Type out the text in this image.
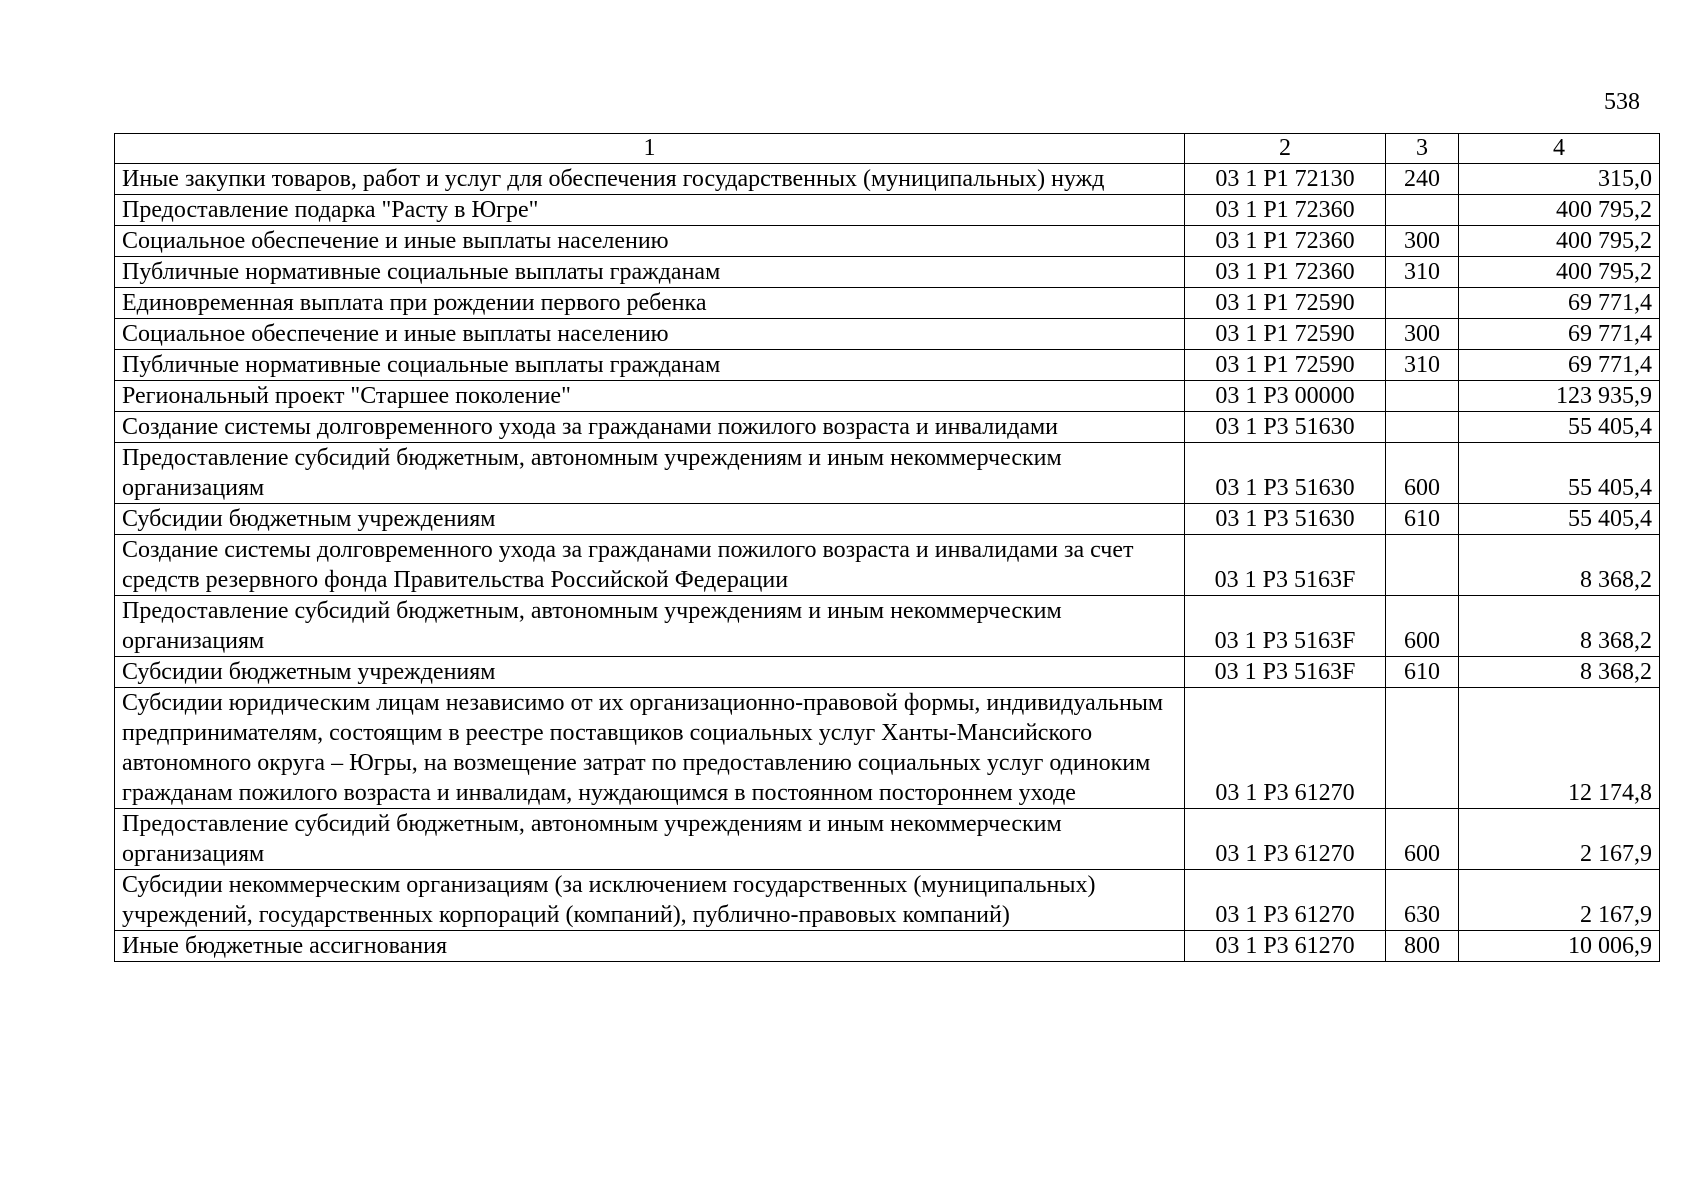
538
1	2	3	4
Иные закупки товаров, работ и услуг для обеспечения государственных (муниципальных) нужд	03 1 P1 72130	240	315,0
Предоставление подарка "Расту в Югре"	03 1 P1 72360		400 795,2
Социальное обеспечение и иные выплаты населению	03 1 P1 72360	300	400 795,2
Публичные нормативные социальные выплаты гражданам	03 1 P1 72360	310	400 795,2
Единовременная выплата при рождении первого ребенка	03 1 P1 72590		69 771,4
Социальное обеспечение и иные выплаты населению	03 1 P1 72590	300	69 771,4
Публичные нормативные социальные выплаты гражданам	03 1 P1 72590	310	69 771,4
Региональный проект "Старшее поколение"	03 1 P3 00000		123 935,9
Создание системы долговременного ухода за гражданами пожилого возраста и инвалидами	03 1 P3 51630		55 405,4
Предоставление субсидий бюджетным, автономным учреждениям и иным некоммерческим организациям	03 1 P3 51630	600	55 405,4
Субсидии бюджетным учреждениям	03 1 P3 51630	610	55 405,4
Создание системы долговременного ухода за гражданами пожилого возраста и инвалидами за счет средств резервного фонда Правительства Российской Федерации	03 1 P3 5163F		8 368,2
Предоставление субсидий бюджетным, автономным учреждениям и иным некоммерческим организациям	03 1 P3 5163F	600	8 368,2
Субсидии бюджетным учреждениям	03 1 P3 5163F	610	8 368,2
Субсидии юридическим лицам независимо от их организационно-правовой формы, индивидуальным предпринимателям, состоящим в реестре поставщиков социальных услуг Ханты-Мансийского автономного округа – Югры, на возмещение затрат по предоставлению социальных услуг одиноким гражданам пожилого возраста и инвалидам, нуждающимся в постоянном постороннем уходе	03 1 P3 61270		12 174,8
Предоставление субсидий бюджетным, автономным учреждениям и иным некоммерческим организациям	03 1 P3 61270	600	2 167,9
Субсидии некоммерческим организациям (за исключением государственных (муниципальных) учреждений, государственных корпораций (компаний), публично-правовых компаний)	03 1 P3 61270	630	2 167,9
Иные бюджетные ассигнования	03 1 P3 61270	800	10 006,9
